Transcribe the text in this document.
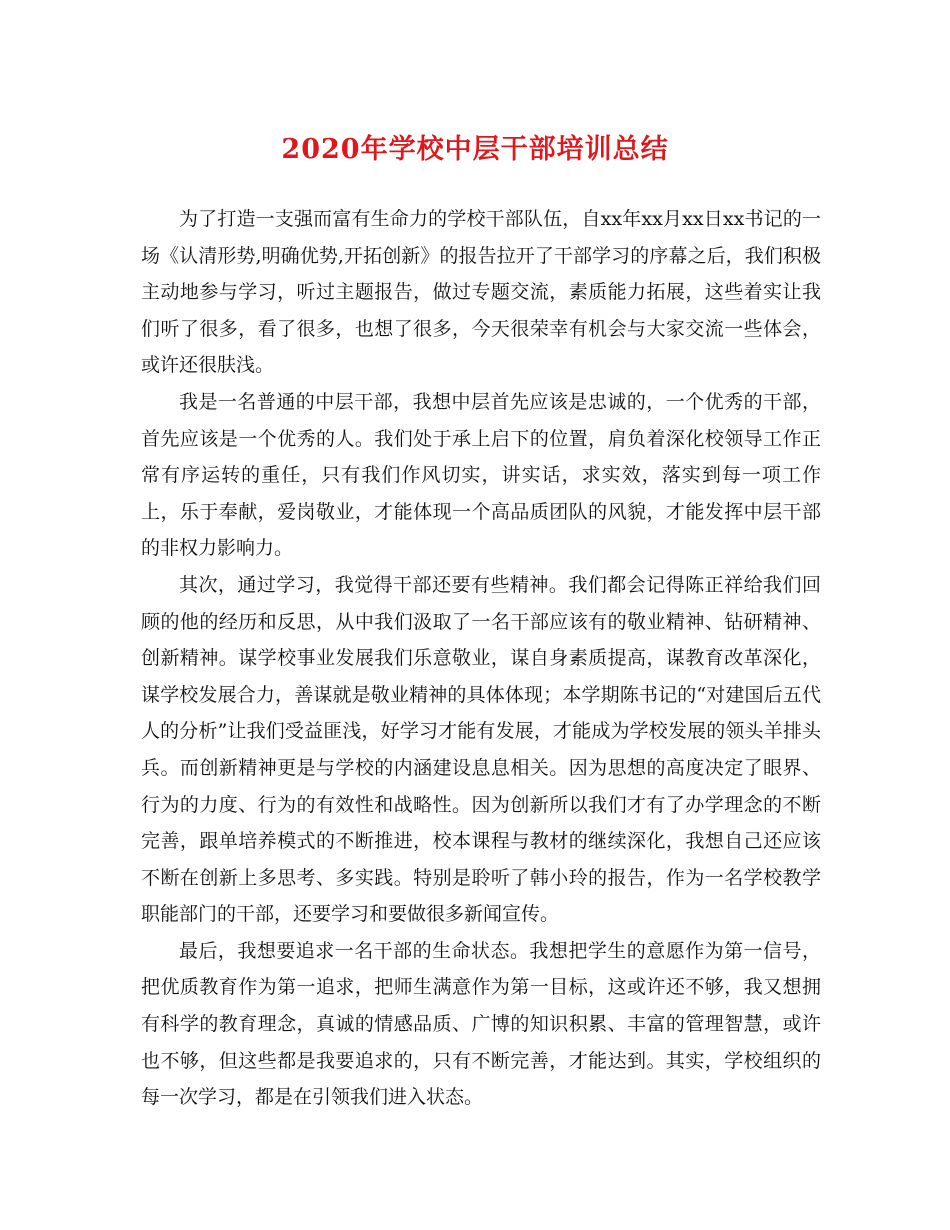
2020年学校中层干部培训总结

为了打造一支强而富有生命力的学校干部队伍，自xx年xx月xx日xx书记的一场《认清形势,明确优势,开拓创新》的报告拉开了干部学习的序幕之后，我们积极主动地参与学习，听过主题报告，做过专题交流，素质能力拓展，这些着实让我们听了很多，看了很多，也想了很多，今天很荣幸有机会与大家交流一些体会，或许还很肤浅。

我是一名普通的中层干部，我想中层首先应该是忠诚的，一个优秀的干部，首先应该是一个优秀的人。我们处于承上启下的位置，肩负着深化校领导工作正常有序运转的重任，只有我们作风切实，讲实话，求实效，落实到每一项工作上，乐于奉献，爱岗敬业，才能体现一个高品质团队的风貌，才能发挥中层干部的非权力影响力。

其次，通过学习，我觉得干部还要有些精神。我们都会记得陈正祥给我们回顾的他的经历和反思，从中我们汲取了一名干部应该有的敬业精神、钻研精神、创新精神。谋学校事业发展我们乐意敬业，谋自身素质提高，谋教育改革深化，谋学校发展合力，善谋就是敬业精神的具体体现；本学期陈书记的“对建国后五代人的分析”让我们受益匪浅，好学习才能有发展，才能成为学校发展的领头羊排头兵。而创新精神更是与学校的内涵建设息息相关。因为思想的高度决定了眼界、行为的力度、行为的有效性和战略性。因为创新所以我们才有了办学理念的不断完善，跟单培养模式的不断推进，校本课程与教材的继续深化，我想自己还应该不断在创新上多思考、多实践。特别是聆听了韩小玲的报告，作为一名学校教学职能部门的干部，还要学习和要做很多新闻宣传。

最后，我想要追求一名干部的生命状态。我想把学生的意愿作为第一信号，把优质教育作为第一追求，把师生满意作为第一目标，这或许还不够，我又想拥有科学的教育理念，真诚的情感品质、广博的知识积累、丰富的管理智慧，或许也不够，但这些都是我要追求的，只有不断完善，才能达到。其实，学校组织的每一次学习，都是在引领我们进入状态。
